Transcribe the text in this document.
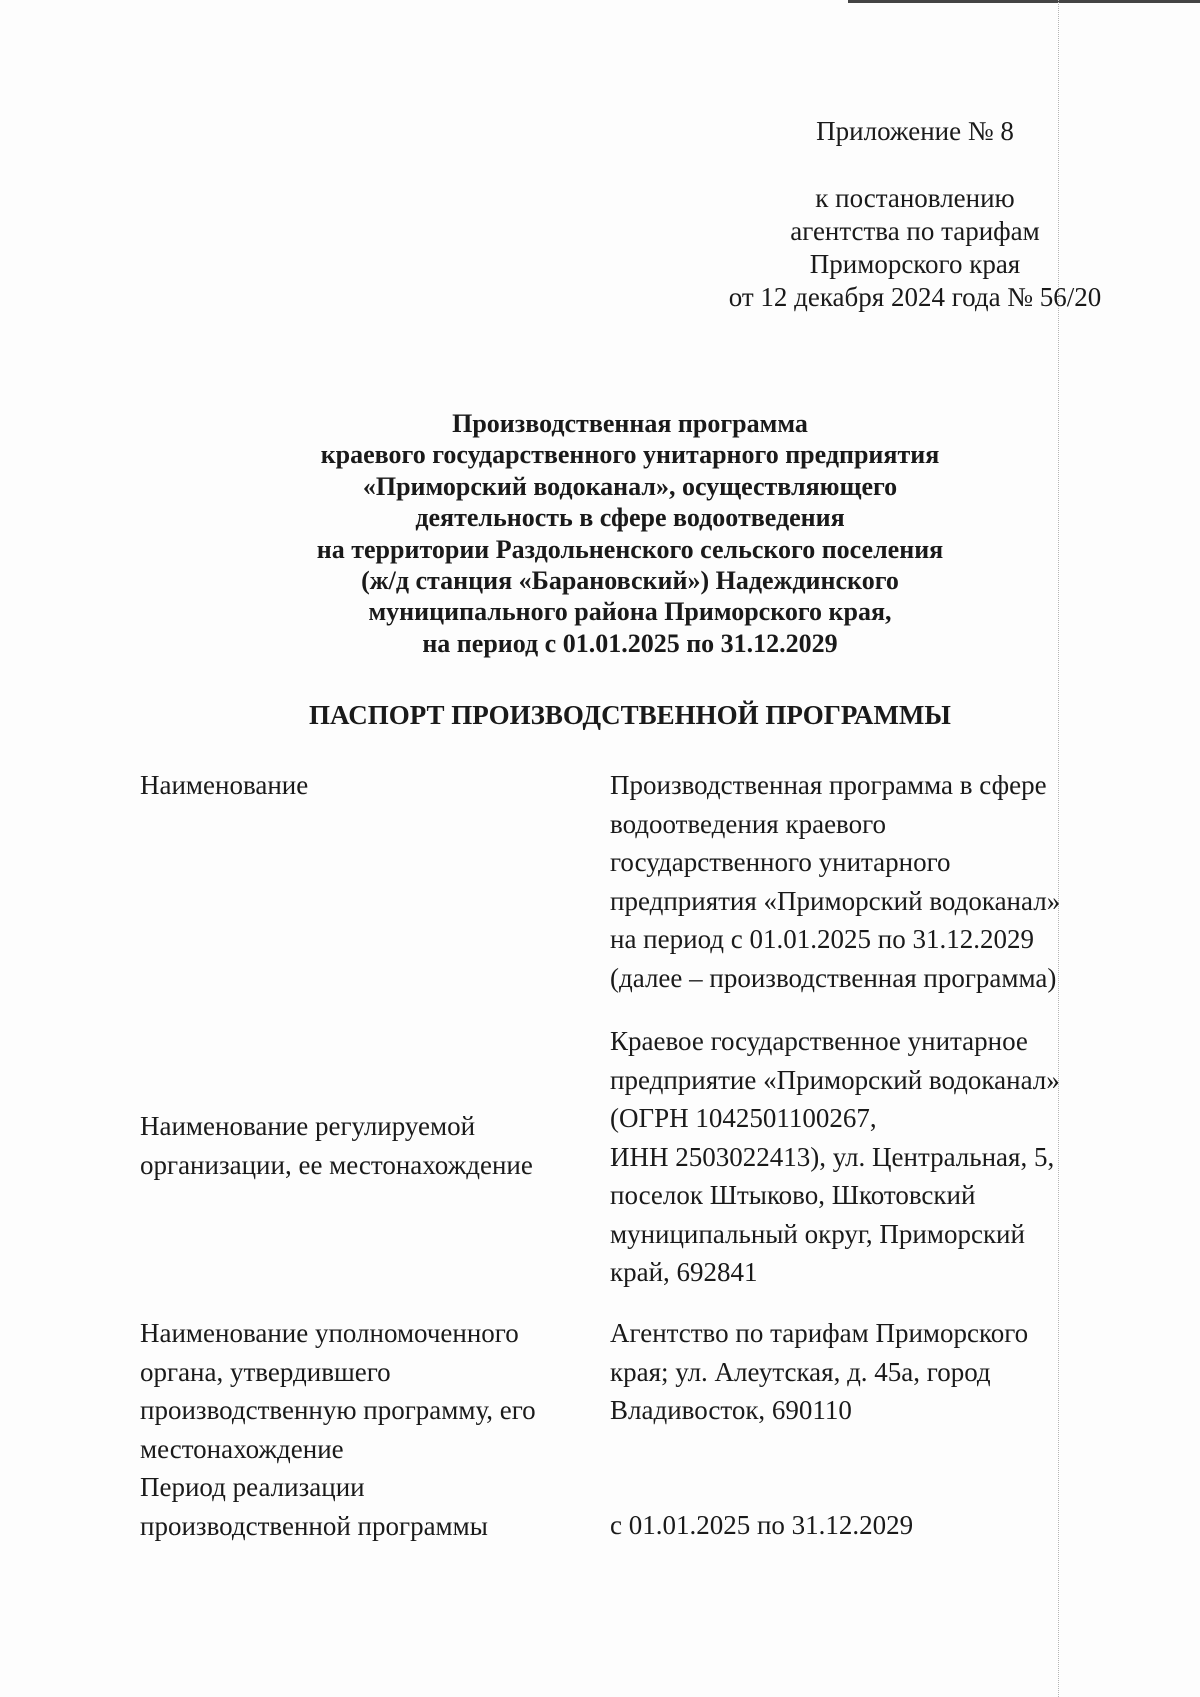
Приложение № 8
к постановлению
агентства по тарифам
Приморского края
от 12 декабря 2024 года № 56/20
Производственная программа
краевого государственного унитарного предприятия
«Приморский водоканал», осуществляющего
деятельность в сфере водоотведения
на территории Раздольненского сельского поселения
(ж/д станция «Барановский») Надеждинского
муниципального района Приморского края,
на период с 01.01.2025 по 31.12.2029
ПАСПОРТ ПРОИЗВОДСТВЕННОЙ ПРОГРАММЫ
Наименование	Производственная программа в сфере
водоотведения краевого
государственного унитарного
предприятия «Приморский водоканал»
на период с 01.01.2025 по 31.12.2029
(далее – производственная программа)
Наименование регулируемой
организации, ее местонахождение
Краевое государственное унитарное
предприятие «Приморский водоканал»
(ОГРН 1042501100267,
ИНН 2503022413), ул. Центральная, 5,
поселок Штыково, Шкотовский
муниципальный округ, Приморский
край, 692841
Наименование уполномоченного
органа, утвердившего
производственную программу, его
местонахождение
Агентство по тарифам Приморского
края; ул. Алеутская, д. 45а, город
Владивосток, 690110
Период реализации
производственной программы	с 01.01.2025 по 31.12.2029
